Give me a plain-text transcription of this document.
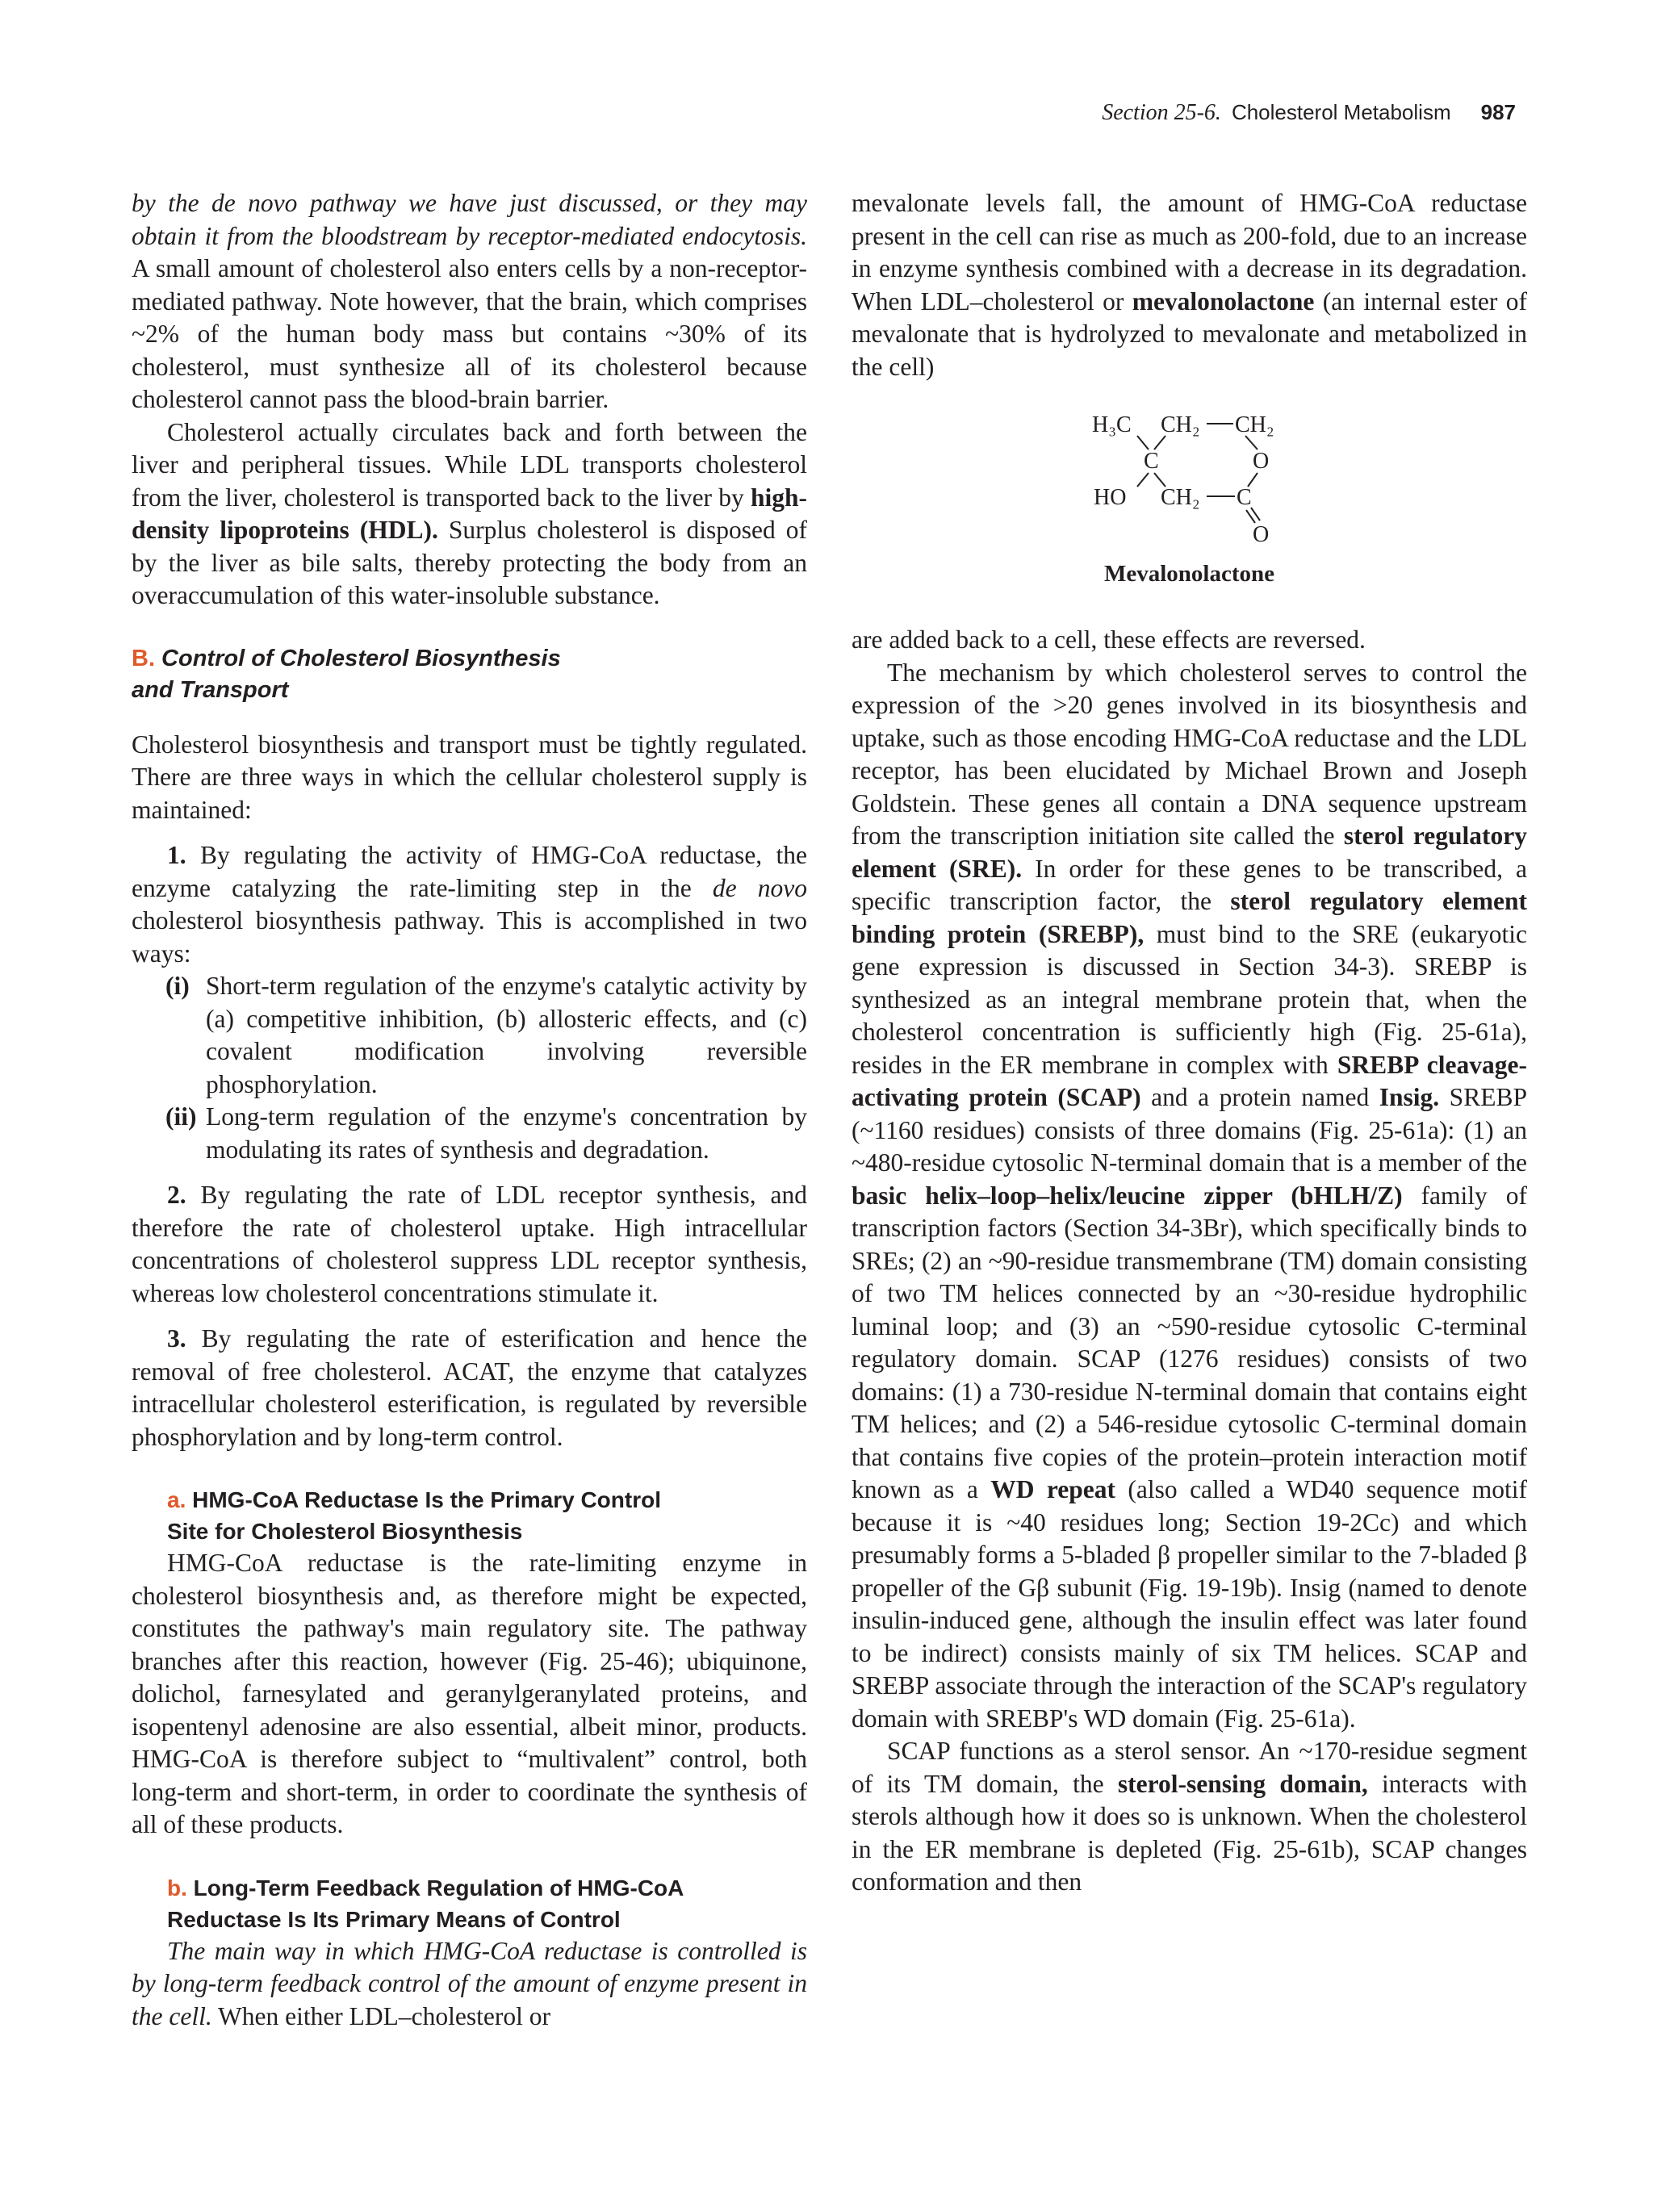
Section 25-6. Cholesterol Metabolism 987

by the de novo pathway we have just discussed, or they may obtain it from the bloodstream by receptor-mediated endocytosis. A small amount of cholesterol also enters cells by a non-receptor-mediated pathway. Note however, that the brain, which comprises ~2% of the human body mass but contains ~30% of its cholesterol, must synthesize all of its cholesterol because cholesterol cannot pass the blood-brain barrier.

Cholesterol actually circulates back and forth between the liver and peripheral tissues. While LDL transports cholesterol from the liver, cholesterol is transported back to the liver by high-density lipoproteins (HDL). Surplus cholesterol is disposed of by the liver as bile salts, thereby protecting the body from an overaccumulation of this water-insoluble substance.

B. Control of Cholesterol Biosynthesis
and Transport

Cholesterol biosynthesis and transport must be tightly regulated. There are three ways in which the cellular cholesterol supply is maintained:

1. By regulating the activity of HMG-CoA reductase, the enzyme catalyzing the rate-limiting step in the de novo cholesterol biosynthesis pathway. This is accomplished in two ways:

(i) Short-term regulation of the enzyme's catalytic activity by (a) competitive inhibition, (b) allosteric effects, and (c) covalent modification involving reversible phosphorylation.

(ii) Long-term regulation of the enzyme's concentration by modulating its rates of synthesis and degradation.

2. By regulating the rate of LDL receptor synthesis, and therefore the rate of cholesterol uptake. High intracellular concentrations of cholesterol suppress LDL receptor synthesis, whereas low cholesterol concentrations stimulate it.

3. By regulating the rate of esterification and hence the removal of free cholesterol. ACAT, the enzyme that catalyzes intracellular cholesterol esterification, is regulated by reversible phosphorylation and by long-term control.

a. HMG-CoA Reductase Is the Primary Control
Site for Cholesterol Biosynthesis

HMG-CoA reductase is the rate-limiting enzyme in cholesterol biosynthesis and, as therefore might be expected, constitutes the pathway's main regulatory site. The pathway branches after this reaction, however (Fig. 25-46); ubiquinone, dolichol, farnesylated and geranylgeranylated proteins, and isopentenyl adenosine are also essential, albeit minor, products. HMG-CoA is therefore subject to “multivalent” control, both long-term and short-term, in order to coordinate the synthesis of all of these products.

b. Long-Term Feedback Regulation of HMG-CoA
Reductase Is Its Primary Means of Control

The main way in which HMG-CoA reductase is controlled is by long-term feedback control of the amount of enzyme present in the cell. When either LDL–cholesterol or

mevalonate levels fall, the amount of HMG-CoA reductase present in the cell can rise as much as 200-fold, due to an increase in enzyme synthesis combined with a decrease in its degradation. When LDL–cholesterol or mevalonolactone (an internal ester of mevalonate that is hydrolyzed to mevalonate and metabolized in the cell)

H₃C CH₂ CH₂
C	O
HO CH₂ C
O
Mevalonolactone

are added back to a cell, these effects are reversed.

The mechanism by which cholesterol serves to control the expression of the >20 genes involved in its biosynthesis and uptake, such as those encoding HMG-CoA reductase and the LDL receptor, has been elucidated by Michael Brown and Joseph Goldstein. These genes all contain a DNA sequence upstream from the transcription initiation site called the sterol regulatory element (SRE). In order for these genes to be transcribed, a specific transcription factor, the sterol regulatory element binding protein (SREBP), must bind to the SRE (eukaryotic gene expression is discussed in Section 34-3). SREBP is synthesized as an integral membrane protein that, when the cholesterol concentration is sufficiently high (Fig. 25-61a), resides in the ER membrane in complex with SREBP cleavage-activating protein (SCAP) and a protein named Insig. SREBP (~1160 residues) consists of three domains (Fig. 25-61a): (1) an ~480-residue cytosolic N-terminal domain that is a member of the basic helix–loop–helix/leucine zipper (bHLH/Z) family of transcription factors (Section 34-3Br), which specifically binds to SREs; (2) an ~90-residue transmembrane (TM) domain consisting of two TM helices connected by an ~30-residue hydrophilic luminal loop; and (3) an ~590-residue cytosolic C-terminal regulatory domain. SCAP (1276 residues) consists of two domains: (1) a 730-residue N-terminal domain that contains eight TM helices; and (2) a 546-residue cytosolic C-terminal domain that contains five copies of the protein–protein interaction motif known as a WD repeat (also called a WD40 sequence motif because it is ~40 residues long; Section 19-2Cc) and which presumably forms a 5-bladed β propeller similar to the 7-bladed β propeller of the Gβ subunit (Fig. 19-19b). Insig (named to denote insulin-induced gene, although the insulin effect was later found to be indirect) consists mainly of six TM helices. SCAP and SREBP associate through the interaction of the SCAP's regulatory domain with SREBP's WD domain (Fig. 25-61a).

SCAP functions as a sterol sensor. An ~170-residue segment of its TM domain, the sterol-sensing domain, interacts with sterols although how it does so is unknown. When the cholesterol in the ER membrane is depleted (Fig. 25-61b), SCAP changes conformation and then
